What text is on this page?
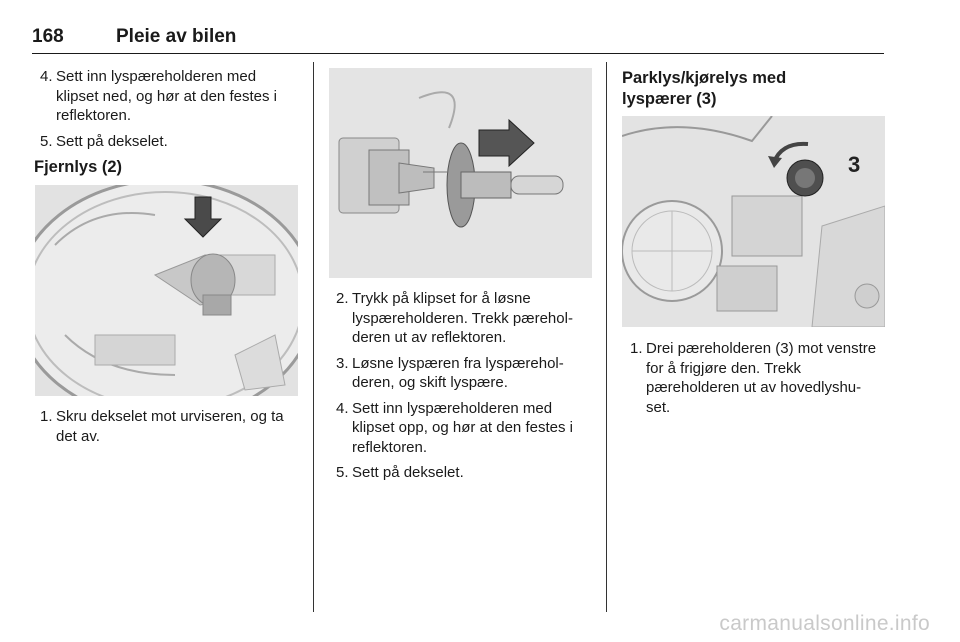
168	Pleie av bilen
4. Sett inn lyspæreholderen med klipset ned, og hør at den festes i reflektoren.
5. Sett på dekselet.
Fjernlys (2)
1. Skru dekselet mot urviseren, og ta det av.
2. Trykk på klipset for å løsne lyspæreholderen. Trekk pærehol-deren ut av reflektoren.
3. Løsne lyspæren fra lyspærehol-deren, og skift lyspære.
4. Sett inn lyspæreholderen med klipset opp, og hør at den festes i reflektoren.
5. Sett på dekselet.
Parklys/kjørelys med
lyspærer (3)
3
1. Drei pæreholderen (3) mot venstre for å frigjøre den. Trekk pæreholderen ut av hovedlyshu-set.
carmanualsonline.info
